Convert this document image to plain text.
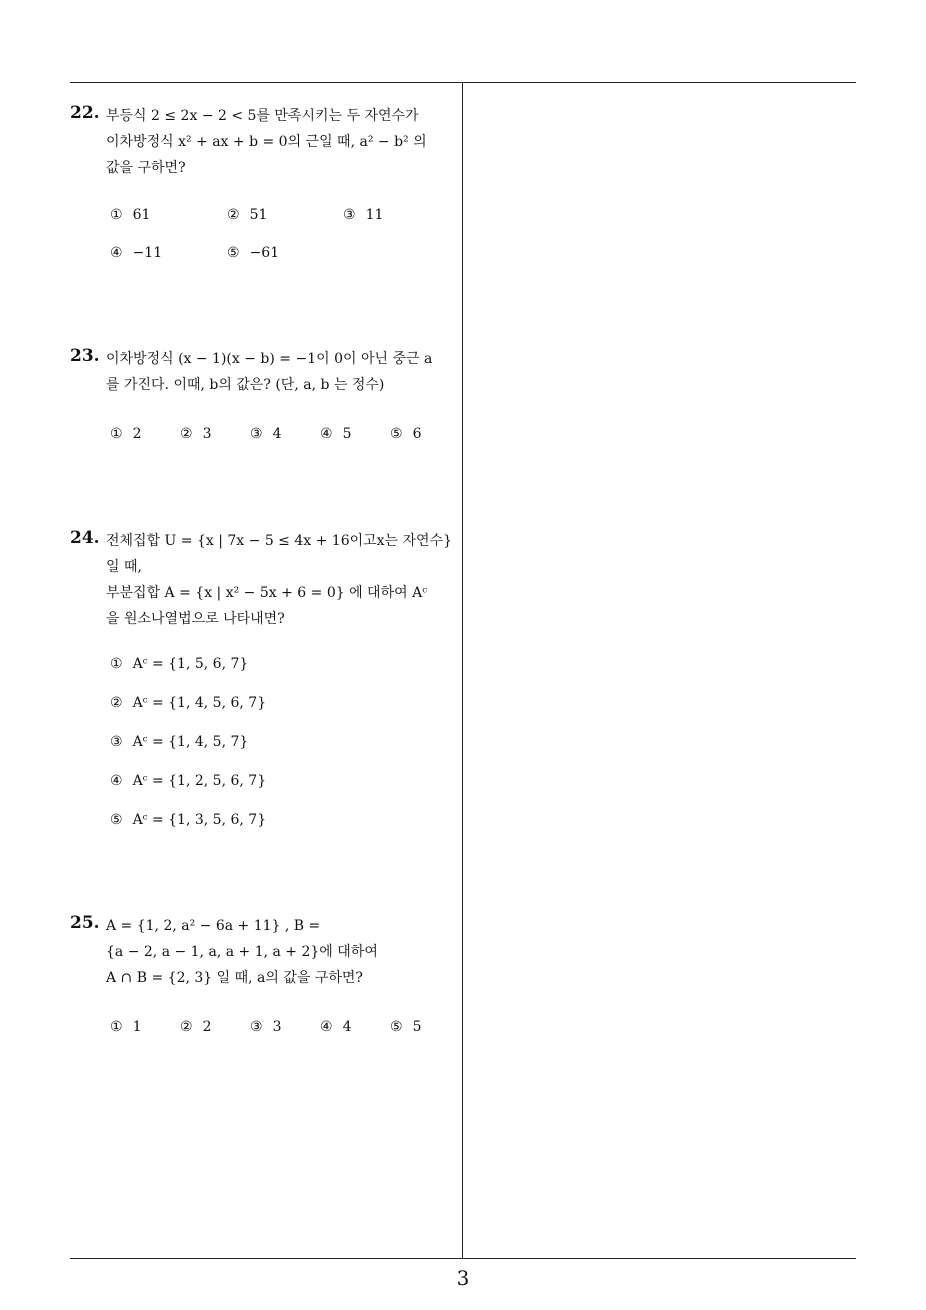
22. 부등식 2 ≤ 2x − 2 < 5를 만족시키는 두 자연수가
이차방정식 x² + ax + b = 0의 근일 때, a² − b² 의
값을 구하면?
① 61	② 51	③ 11
④ −11	⑤ −61
23. 이차방정식 (x − 1)(x − b) = −1이 0이 아닌 중근 a
를 가진다. 이때, b의 값은? (단, a, b 는 정수)
① 2	② 3	③ 4	④ 5	⑤ 6
24. 전체집합 U = {x | 7x − 5 ≤ 4x + 16이고x는 자연수}
일 때,
부분집합 A = {x | x² − 5x + 6 = 0} 에 대하여 Aᶜ
을 원소나열법으로 나타내면?
① Aᶜ = {1, 5, 6, 7}
② Aᶜ = {1, 4, 5, 6, 7}
③ Aᶜ = {1, 4, 5, 7}
④ Aᶜ = {1, 2, 5, 6, 7}
⑤ Aᶜ = {1, 3, 5, 6, 7}
25. A = {1, 2, a² − 6a + 11} , B =
{a − 2, a − 1, a, a + 1, a + 2}에 대하여
A ∩ B = {2, 3} 일 때, a의 값을 구하면?
① 1	② 2	③ 3	④ 4	⑤ 5
3
